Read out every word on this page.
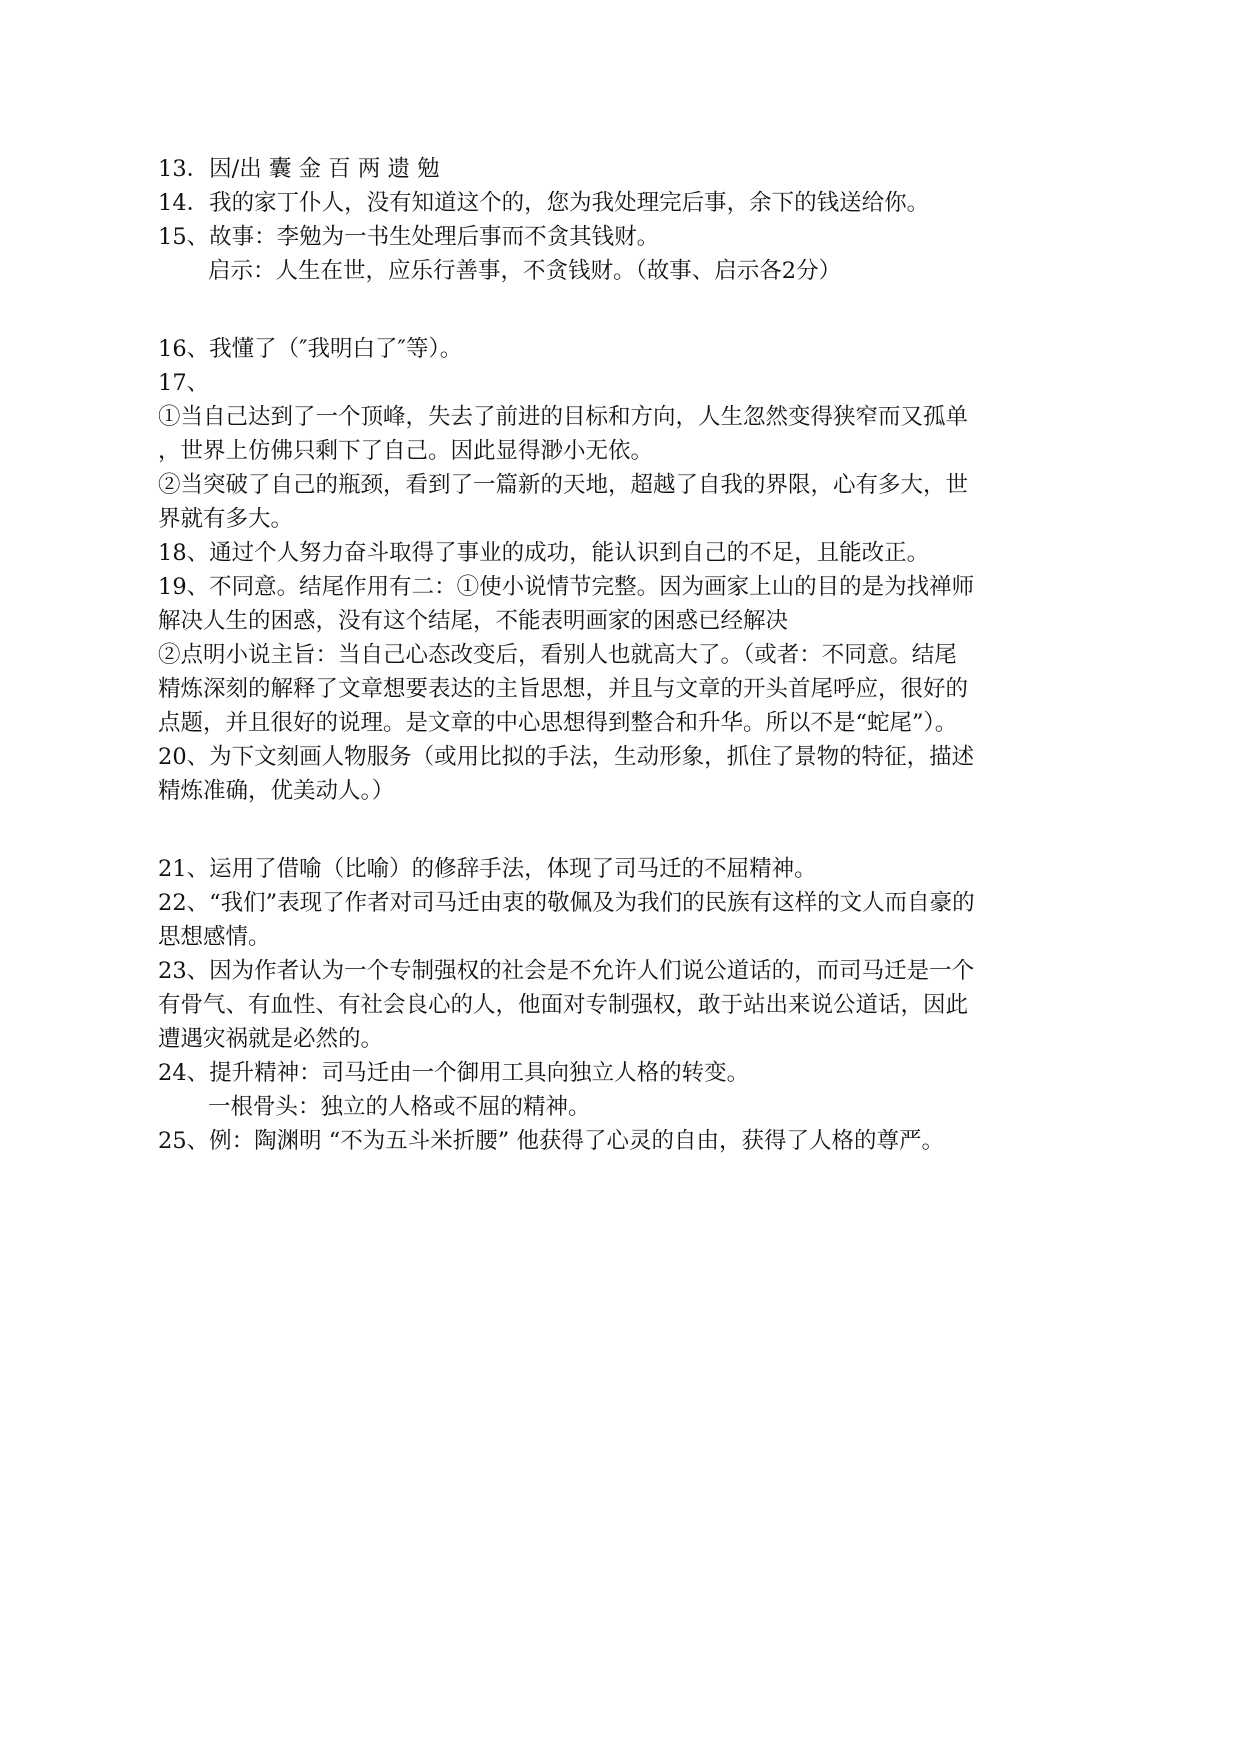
13．因/出 囊 金 百 两 遗 勉
14．我的家丁仆人，没有知道这个的，您为我处理完后事，余下的钱送给你。
15、故事：李勉为一书生处理后事而不贪其钱财。
启示：人生在世，应乐行善事，不贪钱财。（故事、启示各2分）
16、我懂了（″我明白了″等）。
17、
①当自己达到了一个顶峰，失去了前进的目标和方向，人生忽然变得狭窄而又孤单
，世界上仿佛只剩下了自己。因此显得渺小无依。
②当突破了自己的瓶颈，看到了一篇新的天地，超越了自我的界限，心有多大，世
界就有多大。
18、通过个人努力奋斗取得了事业的成功，能认识到自己的不足，且能改正。
19、不同意。结尾作用有二：①使小说情节完整。因为画家上山的目的是为找禅师
解决人生的困惑，没有这个结尾，不能表明画家的困惑已经解决
②点明小说主旨：当自己心态改变后，看别人也就高大了。（或者：不同意。结尾
精炼深刻的解释了文章想要表达的主旨思想，并且与文章的开头首尾呼应，很好的
点题，并且很好的说理。是文章的中心思想得到整合和升华。所以不是“蛇尾”）。
20、为下文刻画人物服务（或用比拟的手法，生动形象，抓住了景物的特征，描述
精炼准确，优美动人。）
21、运用了借喻（比喻）的修辞手法，体现了司马迁的不屈精神。
22、“我们”表现了作者对司马迁由衷的敬佩及为我们的民族有这样的文人而自豪的
思想感情。
23、因为作者认为一个专制强权的社会是不允许人们说公道话的，而司马迁是一个
有骨气、有血性、有社会良心的人，他面对专制强权，敢于站出来说公道话，因此
遭遇灾祸就是必然的。
24、提升精神：司马迁由一个御用工具向独立人格的转变。
一根骨头：独立的人格或不屈的精神。
25、例：陶渊明 “不为五斗米折腰” 他获得了心灵的自由，获得了人格的尊严。
